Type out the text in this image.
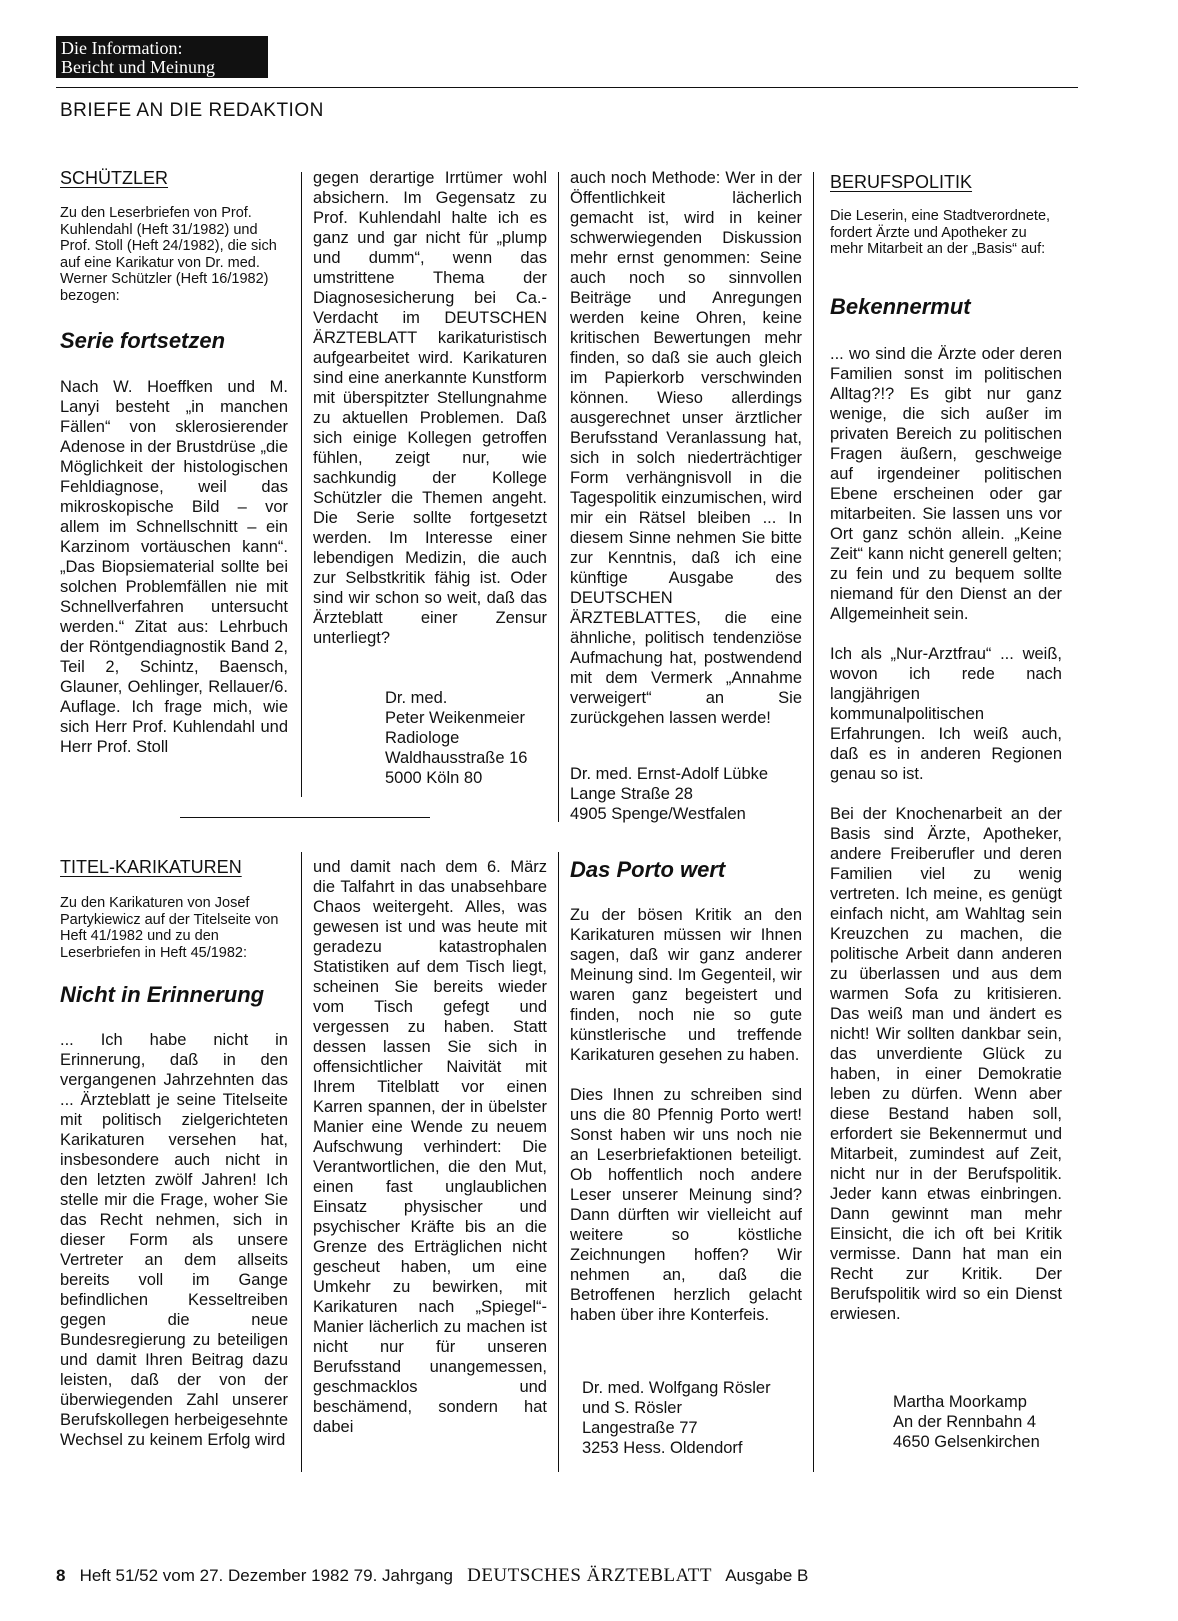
Die Information:
Bericht und Meinung
BRIEFE AN DIE REDAKTION
SCHÜTZLER
Zu den Leserbriefen von Prof. Kuhlendahl (Heft 31/1982) und Prof. Stoll (Heft 24/1982), die sich auf eine Karikatur von Dr. med. Werner Schützler (Heft 16/1982) bezogen:
Serie fortsetzen

Nach W. Hoeffken und M. Lanyi besteht „in manchen Fällen“ von sklerosierender Adenose in der Brustdrüse „die Möglichkeit der histologischen Fehldiagnose, weil das mikroskopische Bild – vor allem im Schnellschnitt – ein Karzinom vortäuschen kann“. „Das Biopsiematerial sollte bei solchen Problemfällen nie mit Schnellverfahren untersucht werden.“ Zitat aus: Lehrbuch der Röntgendiagnostik Band 2, Teil 2, Schintz, Baensch, Glauner, Oehlinger, Rellauer/6. Auflage. Ich frage mich, wie sich Herr Prof. Kuhlendahl und Herr Prof. Stoll

gegen derartige Irrtümer wohl absichern. Im Gegensatz zu Prof. Kuhlendahl halte ich es ganz und gar nicht für „plump und dumm“, wenn das umstrittene Thema der Diagnosesicherung bei Ca.-Verdacht im DEUTSCHEN ÄRZTEBLATT karikaturistisch aufgearbeitet wird. Karikaturen sind eine anerkannte Kunstform mit überspitzter Stellungnahme zu aktuellen Problemen. Daß sich einige Kollegen getroffen fühlen, zeigt nur, wie sachkundig der Kollege Schützler die Themen angeht. Die Serie sollte fortgesetzt werden. Im Interesse einer lebendigen Medizin, die auch zur Selbstkritik fähig ist. Oder sind wir schon so weit, daß das Ärzteblatt einer Zensur unterliegt?

Dr. med.
Peter Weikenmeier
Radiologe
Waldhausstraße 16
5000 Köln 80
TITEL-KARIKATUREN
Zu den Karikaturen von Josef Partykiewicz auf der Titelseite von Heft 41/1982 und zu den Leserbriefen in Heft 45/1982:
Nicht in Erinnerung

... Ich habe nicht in Erinnerung, daß in den vergangenen Jahrzehnten das ... Ärzteblatt je seine Titelseite mit politisch zielgerichteten Karikaturen versehen hat, insbesondere auch nicht in den letzten zwölf Jahren! Ich stelle mir die Frage, woher Sie das Recht nehmen, sich in dieser Form als unsere Vertreter an dem allseits bereits voll im Gange befindlichen Kesseltreiben gegen die neue Bundesregierung zu beteiligen und damit Ihren Beitrag dazu leisten, daß der von der überwiegenden Zahl unserer Berufskollegen herbeigesehnte Wechsel zu keinem Erfolg wird

und damit nach dem 6. März die Talfahrt in das unabsehbare Chaos weitergeht. Alles, was gewesen ist und was heute mit geradezu katastrophalen Statistiken auf dem Tisch liegt, scheinen Sie bereits wieder vom Tisch gefegt und vergessen zu haben. Statt dessen lassen Sie sich in offensichtlicher Naivität mit Ihrem Titelblatt vor einen Karren spannen, der in übelster Manier eine Wende zu neuem Aufschwung verhindert: Die Verantwortlichen, die den Mut, einen fast unglaublichen Einsatz physischer und psychischer Kräfte bis an die Grenze des Erträglichen nicht gescheut haben, um eine Umkehr zu bewirken, mit Karikaturen nach „Spiegel“-Manier lächerlich zu machen ist nicht nur für unseren Berufsstand unangemessen, geschmacklos und beschämend, sondern hat dabei

auch noch Methode: Wer in der Öffentlichkeit lächerlich gemacht ist, wird in keiner schwerwiegenden Diskussion mehr ernst genommen: Seine auch noch so sinnvollen Beiträge und Anregungen werden keine Ohren, keine kritischen Bewertungen mehr finden, so daß sie auch gleich im Papierkorb verschwinden können. Wieso allerdings ausgerechnet unser ärztlicher Berufsstand Veranlassung hat, sich in solch niederträchtiger Form verhängnisvoll in die Tagespolitik einzumischen, wird mir ein Rätsel bleiben ... In diesem Sinne nehmen Sie bitte zur Kenntnis, daß ich eine künftige Ausgabe des DEUTSCHEN ÄRZTEBLATTES, die eine ähnliche, politisch tendenziöse Aufmachung hat, postwendend mit dem Vermerk „Annahme verweigert“ an Sie zurückgehen lassen werde!

Dr. med. Ernst-Adolf Lübke
Lange Straße 28
4905 Spenge/Westfalen
Das Porto wert

Zu der bösen Kritik an den Karikaturen müssen wir Ihnen sagen, daß wir ganz anderer Meinung sind. Im Gegenteil, wir waren ganz begeistert und finden, noch nie so gute künstlerische und treffende Karikaturen gesehen zu haben.

Dies Ihnen zu schreiben sind uns die 80 Pfennig Porto wert! Sonst haben wir uns noch nie an Leserbriefaktionen beteiligt. Ob hoffentlich noch andere Leser unserer Meinung sind? Dann dürften wir vielleicht auf weitere so köstliche Zeichnungen hoffen? Wir nehmen an, daß die Betroffenen herzlich gelacht haben über ihre Konterfeis.

Dr. med. Wolfgang Rösler
und S. Rösler
Langestraße 77
3253 Hess. Oldendorf
BERUFSPOLITIK
Die Leserin, eine Stadtverordnete, fordert Ärzte und Apotheker zu mehr Mitarbeit an der „Basis“ auf:
Bekennermut

... wo sind die Ärzte oder deren Familien sonst im politischen Alltag?!? Es gibt nur ganz wenige, die sich außer im privaten Bereich zu politischen Fragen äußern, geschweige auf irgendeiner politischen Ebene erscheinen oder gar mitarbeiten. Sie lassen uns vor Ort ganz schön allein. „Keine Zeit“ kann nicht generell gelten; zu fein und zu bequem sollte niemand für den Dienst an der Allgemeinheit sein.

Ich als „Nur-Arztfrau“ ... weiß, wovon ich rede nach langjährigen kommunalpolitischen Erfahrungen. Ich weiß auch, daß es in anderen Regionen genau so ist.

Bei der Knochenarbeit an der Basis sind Ärzte, Apotheker, andere Freiberufler und deren Familien viel zu wenig vertreten. Ich meine, es genügt einfach nicht, am Wahltag sein Kreuzchen zu machen, die politische Arbeit dann anderen zu überlassen und aus dem warmen Sofa zu kritisieren. Das weiß man und ändert es nicht! Wir sollten dankbar sein, das unverdiente Glück zu haben, in einer Demokratie leben zu dürfen. Wenn aber diese Bestand haben soll, erfordert sie Bekennermut und Mitarbeit, zumindest auf Zeit, nicht nur in der Berufspolitik. Jeder kann etwas einbringen. Dann gewinnt man mehr Einsicht, die ich oft bei Kritik vermisse. Dann hat man ein Recht zur Kritik. Der Berufspolitik wird so ein Dienst erwiesen.

Martha Moorkamp
An der Rennbahn 4
4650 Gelsenkirchen
8 Heft 51/52 vom 27. Dezember 1982 79. Jahrgang DEUTSCHES ÄRZTEBLATT Ausgabe B
